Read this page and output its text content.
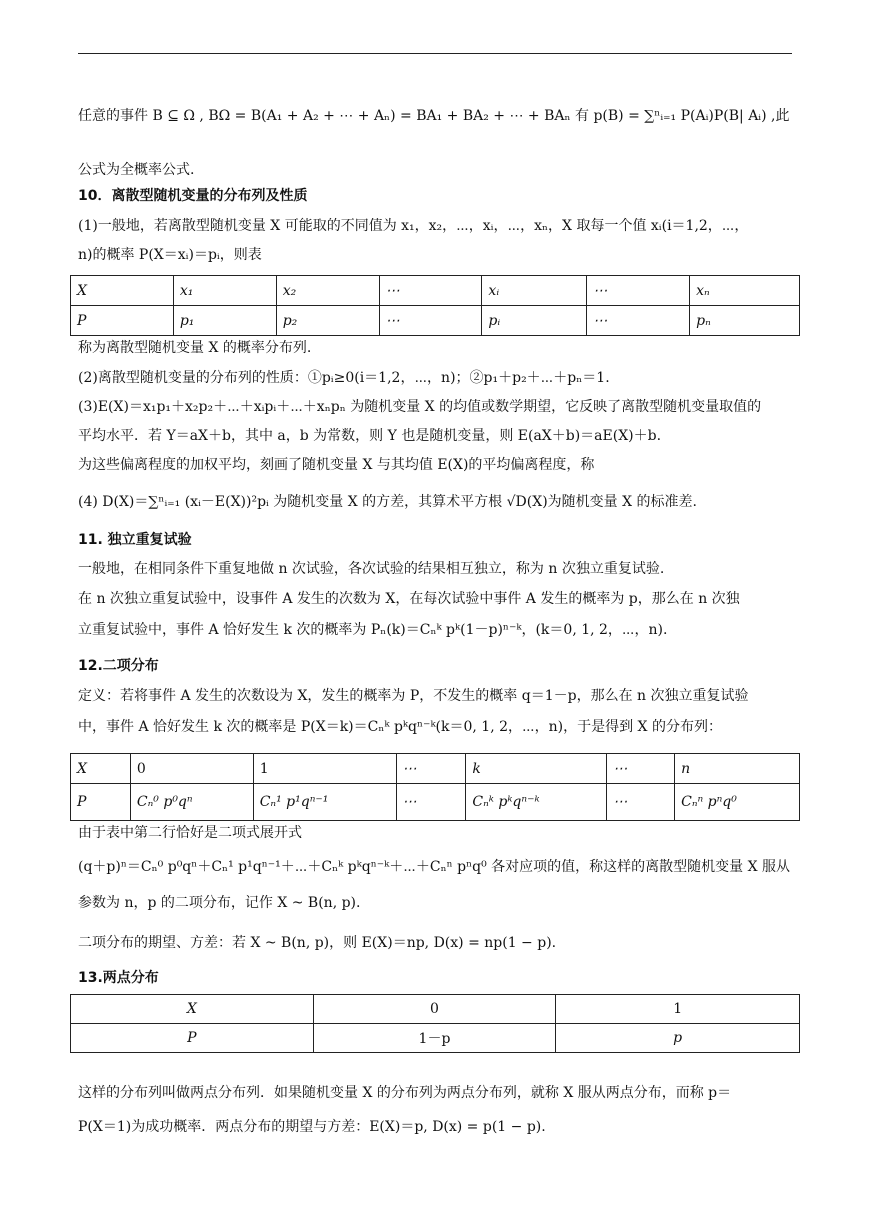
任意的事件 B ⊆ Ω , BΩ = B(A₁ + A₂ + ⋯ + Aₙ) = BA₁ + BA₂ + ⋯ + BAₙ 有 p(B) = ∑ⁿᵢ₌₁ P(Aᵢ)P(B| Aᵢ) ,此
公式为全概率公式.
10．离散型随机变量的分布列及性质
(1)一般地，若离散型随机变量 X 可能取的不同值为 x₁，x₂，⋯，xᵢ，⋯，xₙ，X 取每一个值 xᵢ(i＝1,2，⋯，
n)的概率 P(X＝xᵢ)＝pᵢ，则表
X	x₁	x₂	⋯	xᵢ	⋯	xₙ
P	p₁	p₂	⋯	pᵢ	⋯	pₙ
称为离散型随机变量 X 的概率分布列.
(2)离散型随机变量的分布列的性质：①pᵢ≥0(i＝1,2，⋯，n)；②p₁＋p₂＋⋯＋pₙ＝1.
(3)E(X)＝x₁p₁＋x₂p₂＋⋯＋xᵢpᵢ＋⋯＋xₙpₙ 为随机变量 X 的均值或数学期望，它反映了离散型随机变量取值的
平均水平．若 Y＝aX＋b，其中 a，b 为常数，则 Y 也是随机变量，则 E(aX＋b)＝aE(X)＋b.
为这些偏离程度的加权平均，刻画了随机变量 X 与其均值 E(X)的平均偏离程度，称
(4) D(X)＝∑ⁿᵢ₌₁ (xᵢ－E(X))²pᵢ 为随机变量 X 的方差，其算术平方根 √D(X)为随机变量 X 的标准差.
11. 独立重复试验
一般地，在相同条件下重复地做 n 次试验，各次试验的结果相互独立，称为 n 次独立重复试验.
在 n 次独立重复试验中，设事件 A 发生的次数为 X，在每次试验中事件 A 发生的概率为 p，那么在 n 次独
立重复试验中，事件 A 恰好发生 k 次的概率为 Pₙ(k)＝Cₙᵏ pᵏ(1－p)ⁿ⁻ᵏ，(k＝0, 1, 2，⋯，n).
12.二项分布
定义：若将事件 A 发生的次数设为 X，发生的概率为 P，不发生的概率 q＝1－p，那么在 n 次独立重复试验
中，事件 A 恰好发生 k 次的概率是 P(X＝k)＝Cₙᵏ pᵏqⁿ⁻ᵏ(k＝0, 1, 2，⋯，n)，于是得到 X 的分布列：
X	0	1	⋯	k	⋯	n
P	Cₙ⁰ p⁰qⁿ	Cₙ¹ p¹qⁿ⁻¹	⋯	Cₙᵏ pᵏqⁿ⁻ᵏ	⋯	Cₙⁿ pⁿq⁰
由于表中第二行恰好是二项式展开式
(q＋p)ⁿ＝Cₙ⁰ p⁰qⁿ＋Cₙ¹ p¹qⁿ⁻¹＋⋯＋Cₙᵏ pᵏqⁿ⁻ᵏ＋⋯＋Cₙⁿ pⁿq⁰ 各对应项的值，称这样的离散型随机变量 X 服从
参数为 n，p 的二项分布，记作 X ~ B(n, p).
二项分布的期望、方差：若 X ~ B(n, p)，则 E(X)＝np, D(x) = np(1 − p).
13.两点分布
X	0	1
P	1－p	p
这样的分布列叫做两点分布列．如果随机变量 X 的分布列为两点分布列，就称 X 服从两点分布，而称 p＝
P(X＝1)为成功概率．两点分布的期望与方差：E(X)＝p, D(x) = p(1 − p).
